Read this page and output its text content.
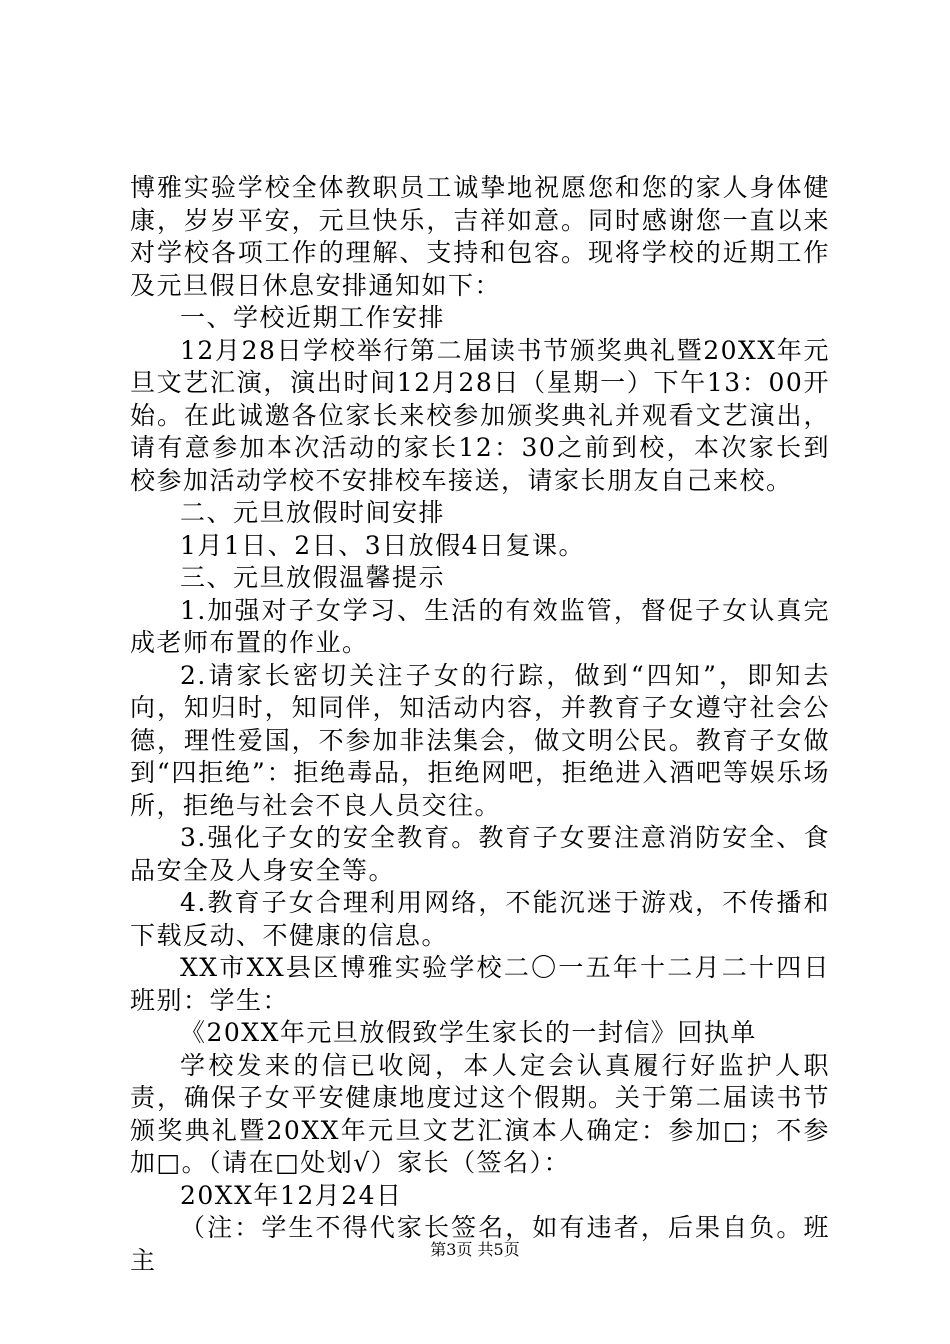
博雅实验学校全体教职员工诚挚地祝愿您和您的家人身体健康，岁岁平安，元旦快乐，吉祥如意。同时感谢您一直以来对学校各项工作的理解、支持和包容。现将学校的近期工作及元旦假日休息安排通知如下：

一、学校近期工作安排

12月28日学校举行第二届读书节颁奖典礼暨20XX年元旦文艺汇演，演出时间12月28日（星期一）下午13：00开始。在此诚邀各位家长来校参加颁奖典礼并观看文艺演出，请有意参加本次活动的家长12：30之前到校，本次家长到校参加活动学校不安排校车接送，请家长朋友自己来校。

二、元旦放假时间安排

1月1日、2日、3日放假4日复课。

三、元旦放假温馨提示

1.加强对子女学习、生活的有效监管，督促子女认真完成老师布置的作业。

2.请家长密切关注子女的行踪，做到“四知”，即知去向，知归时，知同伴，知活动内容，并教育子女遵守社会公德，理性爱国，不参加非法集会，做文明公民。教育子女做到“四拒绝”：拒绝毒品，拒绝网吧，拒绝进入酒吧等娱乐场所，拒绝与社会不良人员交往。

3.强化子女的安全教育。教育子女要注意消防安全、食品安全及人身安全等。

4.教育子女合理利用网络，不能沉迷于游戏，不传播和下载反动、不健康的信息。

XX市XX县区博雅实验学校二〇一五年十二月二十四日班别：学生：

《20XX年元旦放假致学生家长的一封信》回执单

学校发来的信已收阅，本人定会认真履行好监护人职责，确保子女平安健康地度过这个假期。关于第二届读书节颁奖典礼暨20XX年元旦文艺汇演本人确定：参加□；不参加□。（请在□处划√）家长（签名）：

20XX年12月24日

（注：学生不得代家长签名，如有违者，后果自负。班主	第3页 共5页
